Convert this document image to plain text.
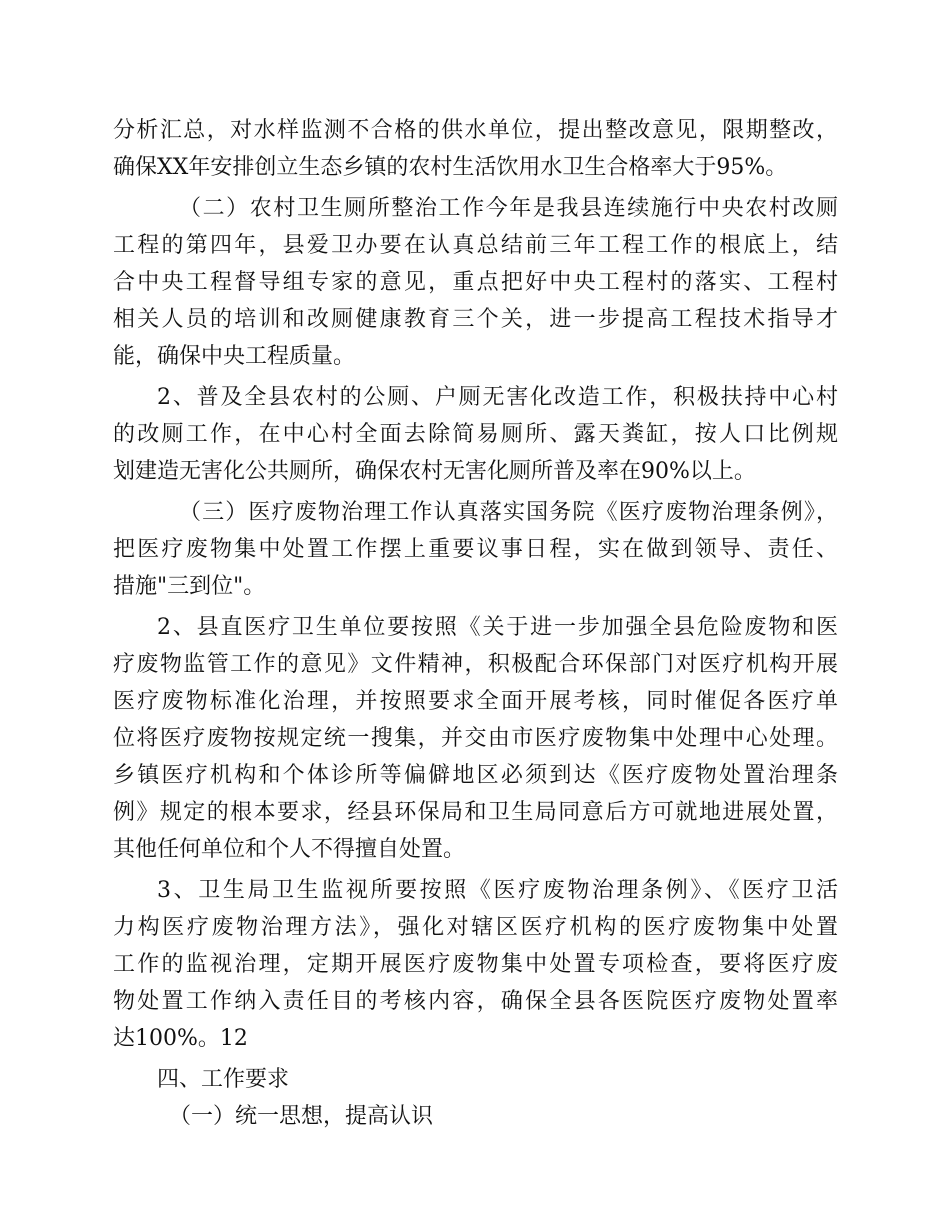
分析汇总，对水样监测不合格的供水单位，提出整改意见，限期整改，
确保XX年安排创立生态乡镇的农村生活饮用水卫生合格率大于95%。
（二）农村卫生厕所整治工作今年是我县连续施行中央农村改厕
工程的第四年，县爱卫办要在认真总结前三年工程工作的根底上，结
合中央工程督导组专家的意见，重点把好中央工程村的落实、工程村
相关人员的培训和改厕健康教育三个关，进一步提高工程技术指导才
能，确保中央工程质量。
2、普及全县农村的公厕、户厕无害化改造工作，积极扶持中心村
的改厕工作，在中心村全面去除简易厕所、露天粪缸，按人口比例规
划建造无害化公共厕所，确保农村无害化厕所普及率在90%以上。
（三）医疗废物治理工作认真落实国务院《医疗废物治理条例》，
把医疗废物集中处置工作摆上重要议事日程，实在做到领导、责任、
措施"三到位"。
2、县直医疗卫生单位要按照《关于进一步加强全县危险废物和医
疗废物监管工作的意见》文件精神，积极配合环保部门对医疗机构开展
医疗废物标准化治理，并按照要求全面开展考核，同时催促各医疗单
位将医疗废物按规定统一搜集，并交由市医疗废物集中处理中心处理。
乡镇医疗机构和个体诊所等偏僻地区必须到达《医疗废物处置治理条
例》规定的根本要求，经县环保局和卫生局同意后方可就地进展处置，
其他任何单位和个人不得擅自处置。
3、卫生局卫生监视所要按照《医疗废物治理条例》、《医疗卫活
力构医疗废物治理方法》，强化对辖区医疗机构的医疗废物集中处置
工作的监视治理，定期开展医疗废物集中处置专项检查，要将医疗废
物处置工作纳入责任目的考核内容，确保全县各医院医疗废物处置率
达100%。12
四、工作要求
（一）统一思想，提高认识
